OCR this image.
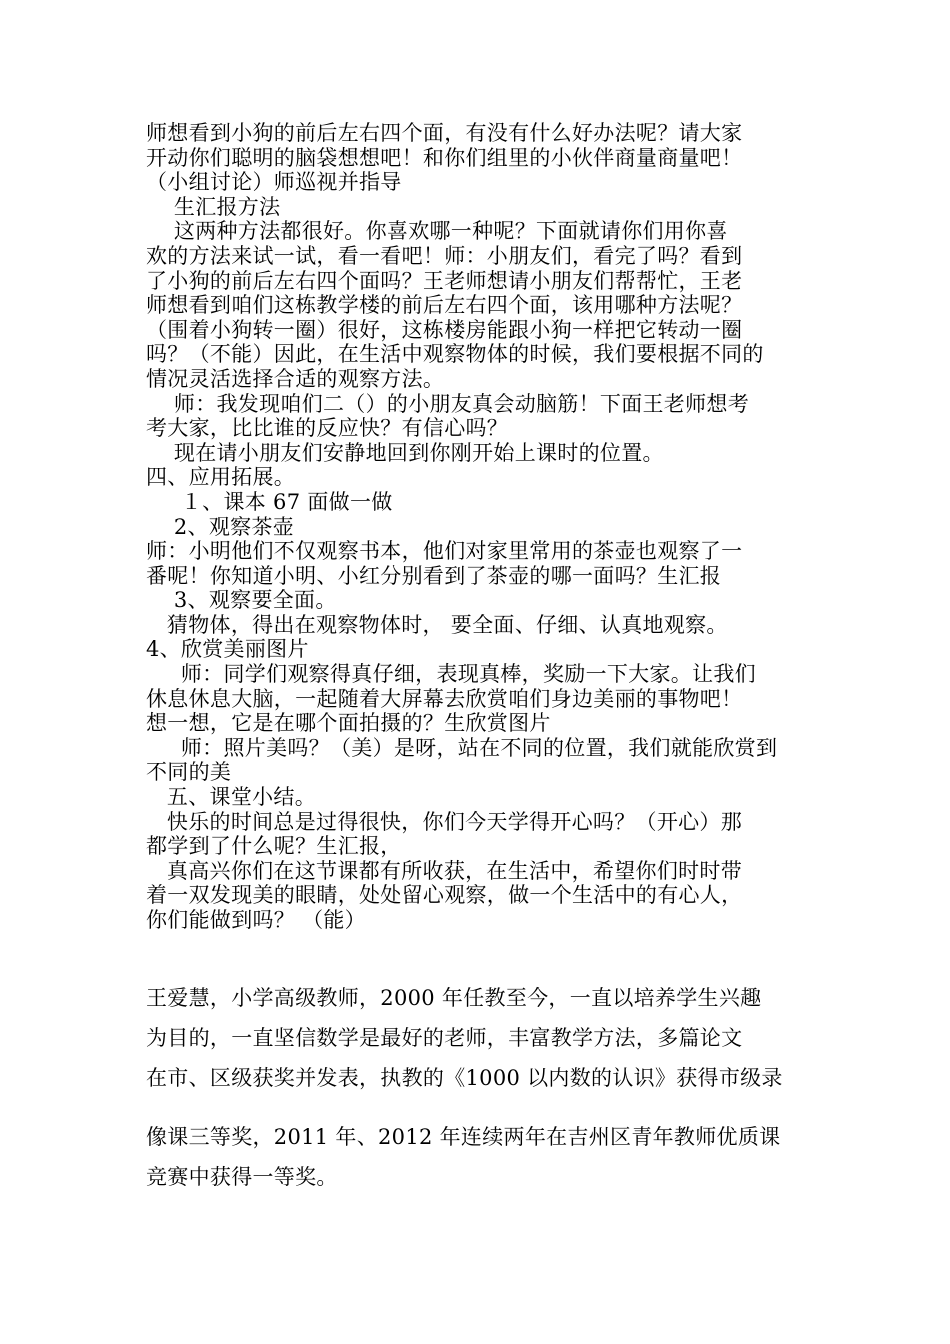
师想看到小狗的前后左右四个面，有没有什么好办法呢？请大家

开动你们聪明的脑袋想想吧！和你们组里的小伙伴商量商量吧！

（小组讨论）师巡视并指导

生汇报方法

这两种方法都很好。你喜欢哪一种呢？下面就请你们用你喜

欢的方法来试一试，看一看吧！师：小朋友们，看完了吗？看到

了小狗的前后左右四个面吗？王老师想请小朋友们帮帮忙，王老

师想看到咱们这栋教学楼的前后左右四个面，该用哪种方法呢？

（围着小狗转一圈）很好，这栋楼房能跟小狗一样把它转动一圈

吗？（不能）因此，在生活中观察物体的时候，我们要根据不同的

情况灵活选择合适的观察方法。

师：我发现咱们二（）的小朋友真会动脑筋！下面王老师想考

考大家，比比谁的反应快？有信心吗？

现在请小朋友们安静地回到你刚开始上课时的位置。

四、应用拓展。

１、课本 67 面做一做

2、观察茶壶

师：小明他们不仅观察书本，他们对家里常用的茶壶也观察了一

番呢！你知道小明、小红分别看到了茶壶的哪一面吗？生汇报

3、观察要全面。

猜物体，得出在观察物体时， 要全面、仔细、认真地观察。

4、欣赏美丽图片

师：同学们观察得真仔细，表现真棒，奖励一下大家。让我们

休息休息大脑，一起随着大屏幕去欣赏咱们身边美丽的事物吧！

想一想，它是在哪个面拍摄的？生欣赏图片

师：照片美吗？（美）是呀，站在不同的位置，我们就能欣赏到

不同的美

五、课堂小结。

快乐的时间总是过得很快，你们今天学得开心吗？（开心）那

都学到了什么呢？生汇报，

真高兴你们在这节课都有所收获，在生活中，希望你们时时带

着一双发现美的眼睛，处处留心观察，做一个生活中的有心人，

你们能做到吗？ （能）

王爱慧，小学高级教师，2000 年任教至今，一直以培养学生兴趣

为目的，一直坚信数学是最好的老师，丰富教学方法，多篇论文

在市、区级获奖并发表，执教的《1000 以内数的认识》获得市级录

像课三等奖，2011 年、2012 年连续两年在吉州区青年教师优质课

竞赛中获得一等奖。
